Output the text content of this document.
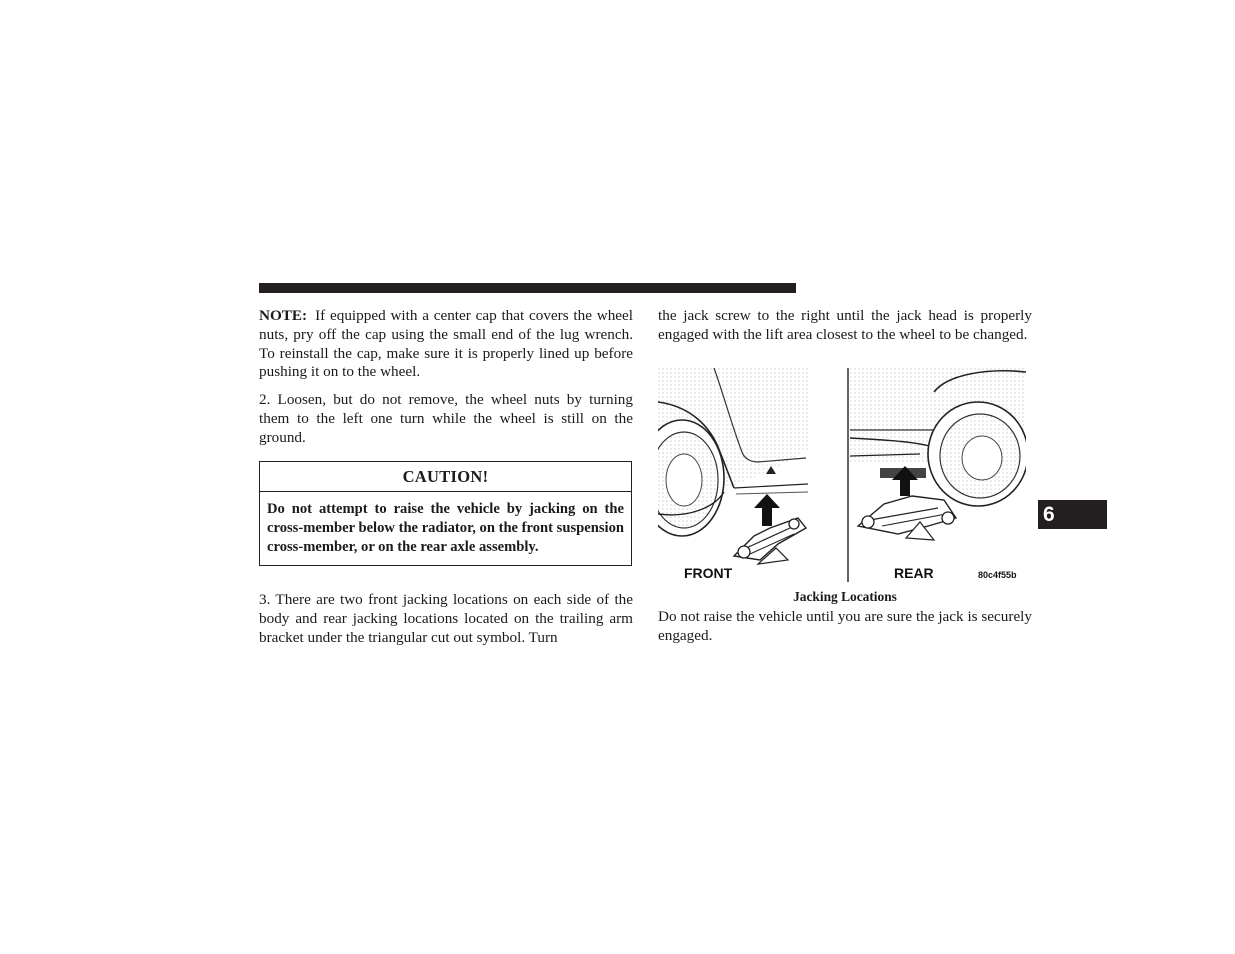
NOTE: If equipped with a center cap that covers the wheel nuts, pry off the cap using the small end of the lug wrench. To reinstall the cap, make sure it is properly lined up before pushing it on to the wheel.

2. Loosen, but do not remove, the wheel nuts by turning them to the left one turn while the wheel is still on the ground.

CAUTION!
Do not attempt to raise the vehicle by jacking on the cross-member below the radiator, on the front suspension cross-member, or on the rear axle assembly.

3. There are two front jacking locations on each side of the body and rear jacking locations located on the trailing arm bracket under the triangular cut out symbol. Turn

the jack screw to the right until the jack head is properly engaged with the lift area closest to the wheel to be changed.

FRONT	REAR	80c4f55b
Jacking Locations

Do not raise the vehicle until you are sure the jack is securely engaged.

6
